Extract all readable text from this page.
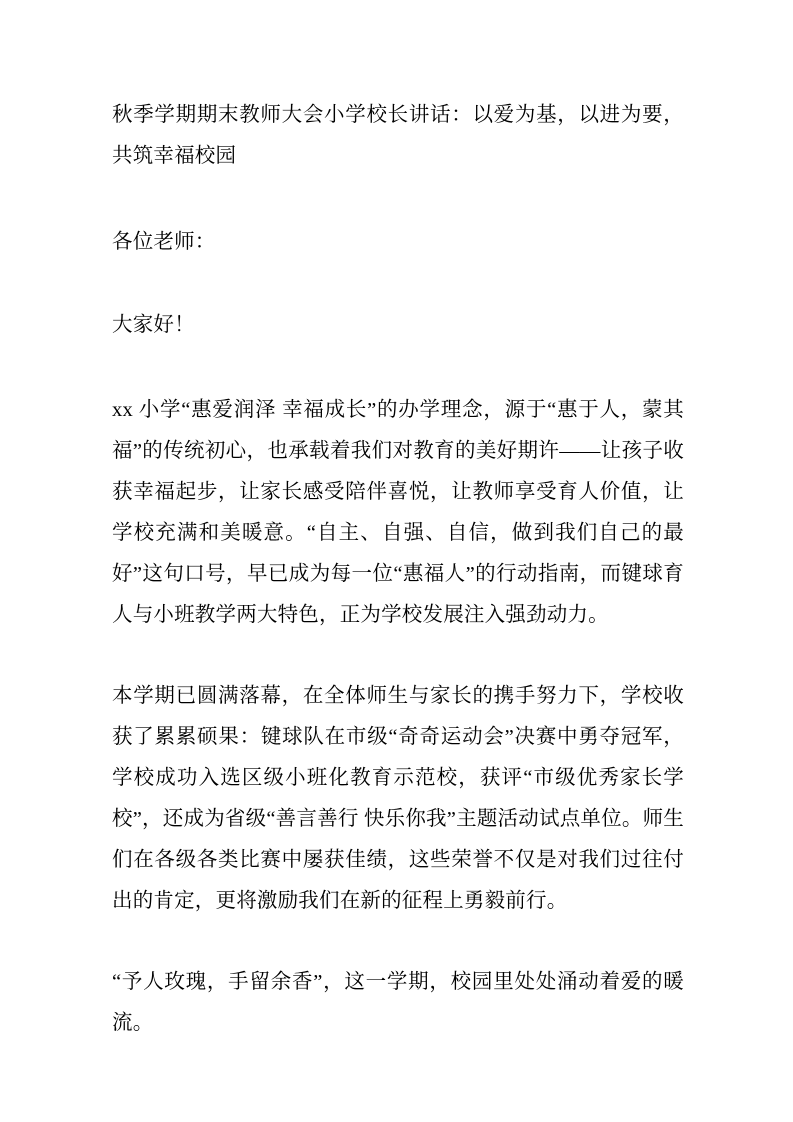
秋季学期期末教师大会小学校长讲话：以爱为基，以进为要，共筑幸福校园

各位老师：

大家好！

xx 小学“惠爱润泽 幸福成长”的办学理念，源于“惠于人，蒙其福”的传统初心，也承载着我们对教育的美好期许——让孩子收获幸福起步，让家长感受陪伴喜悦，让教师享受育人价值，让学校充满和美暖意。“自主、自强、自信，做到我们自己的最好”这句口号，早已成为每一位“惠福人”的行动指南，而键球育人与小班教学两大特色，正为学校发展注入强劲动力。

本学期已圆满落幕，在全体师生与家长的携手努力下，学校收获了累累硕果：键球队在市级“奇奇运动会”决赛中勇夺冠军，学校成功入选区级小班化教育示范校，获评“市级优秀家长学校”，还成为省级“善言善行 快乐你我”主题活动试点单位。师生们在各级各类比赛中屡获佳绩，这些荣誉不仅是对我们过往付出的肯定，更将激励我们在新的征程上勇毅前行。

“予人玫瑰，手留余香”，这一学期，校园里处处涌动着爱的暖流。
